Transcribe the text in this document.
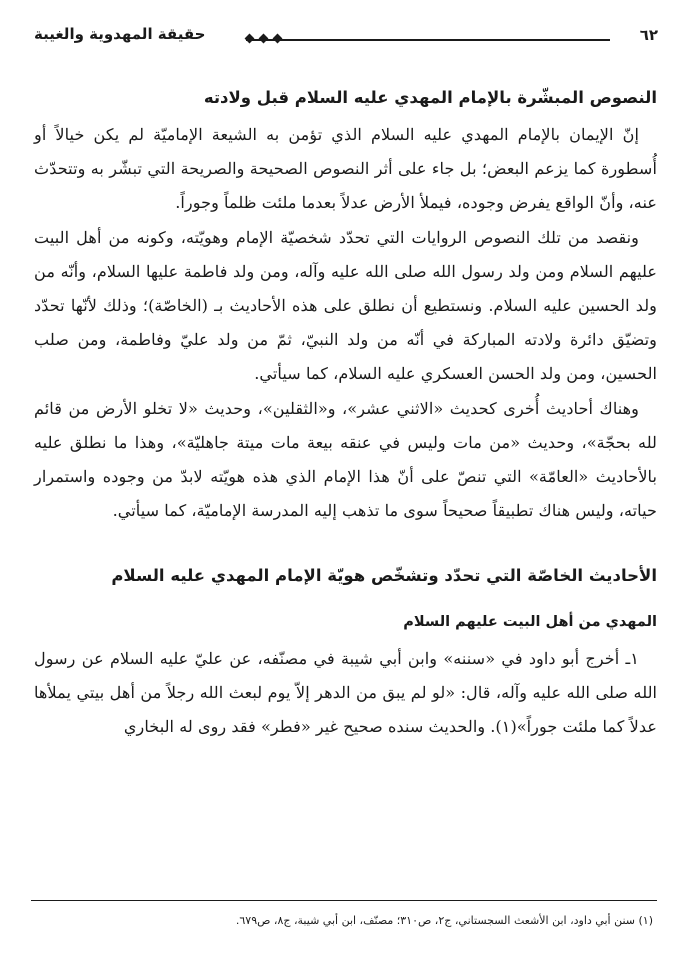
٦٢
حقيقة المهدوية والغيبة
النصوص المبشّرة بالإمام المهدي عليه السلام قبل ولادته

إنّ الإيمان بالإمام المهدي عليه السلام الذي تؤمن به الشيعة الإماميّة لم يكن خيالاً أو أُسطورة كما يزعم البعض؛ بل جاء على أثر النصوص الصحيحة والصريحة التي تبشّر به وتتحدّث عنه، وأنّ الواقع يفرض وجوده، فيملأ الأرض عدلاً بعدما ملئت ظلماً وجوراً.

ونقصد من تلك النصوص الروايات التي تحدّد شخصيّة الإمام وهويّته، وكونه من أهل البيت عليهم السلام ومن ولد رسول الله صلى الله عليه وآله، ومن ولد فاطمة عليها السلام، وأنّه من ولد الحسين عليه السلام. ونستطيع أن نطلق على هذه الأحاديث بـ (الخاصّة)؛ وذلك لأنّها تحدّد وتضيّق دائرة ولادته المباركة في أنّه من ولد النبيّ، ثمّ من ولد عليّ وفاطمة، ومن صلب الحسين، ومن ولد الحسن العسكري عليه السلام، كما سيأتي.

وهناك أحاديث أُخرى كحديث «الاثني عشر»، و«الثقلين»، وحديث «لا تخلو الأرض من قائم لله بحجّة»، وحديث «من مات وليس في عنقه بيعة مات ميتة جاهليّة»، وهذا ما نطلق عليه بالأحاديث «العامّة» التي تنصّ على أنّ هذا الإمام الذي هذه هويّته لابدّ من وجوده واستمرار حياته، وليس هناك تطبيقاً صحيحاً سوى ما تذهب إليه المدرسة الإماميّة، كما سيأتي.

الأحاديث الخاصّة التي تحدّد وتشخّص هويّة الإمام المهدي عليه السلام
المهدي من أهل البيت عليهم السلام

١ـ أخرج أبو داود في «سننه» وابن أبي شيبة في مصنّفه، عن عليّ عليه السلام عن رسول الله صلى الله عليه وآله، قال: «لو لم يبق من الدهر إلاّ يوم لبعث الله رجلاً من أهل بيتي يملأها عدلاً كما ملئت جوراً»(١). والحديث سنده صحيح غير «فطر» فقد روى له البخاري

(١) سنن أبي داود، ابن الأشعث السجستاني، ج٢، ص٣١٠؛ مصنّف، ابن أبي شيبة، ج٨، ص٦٧٩.
